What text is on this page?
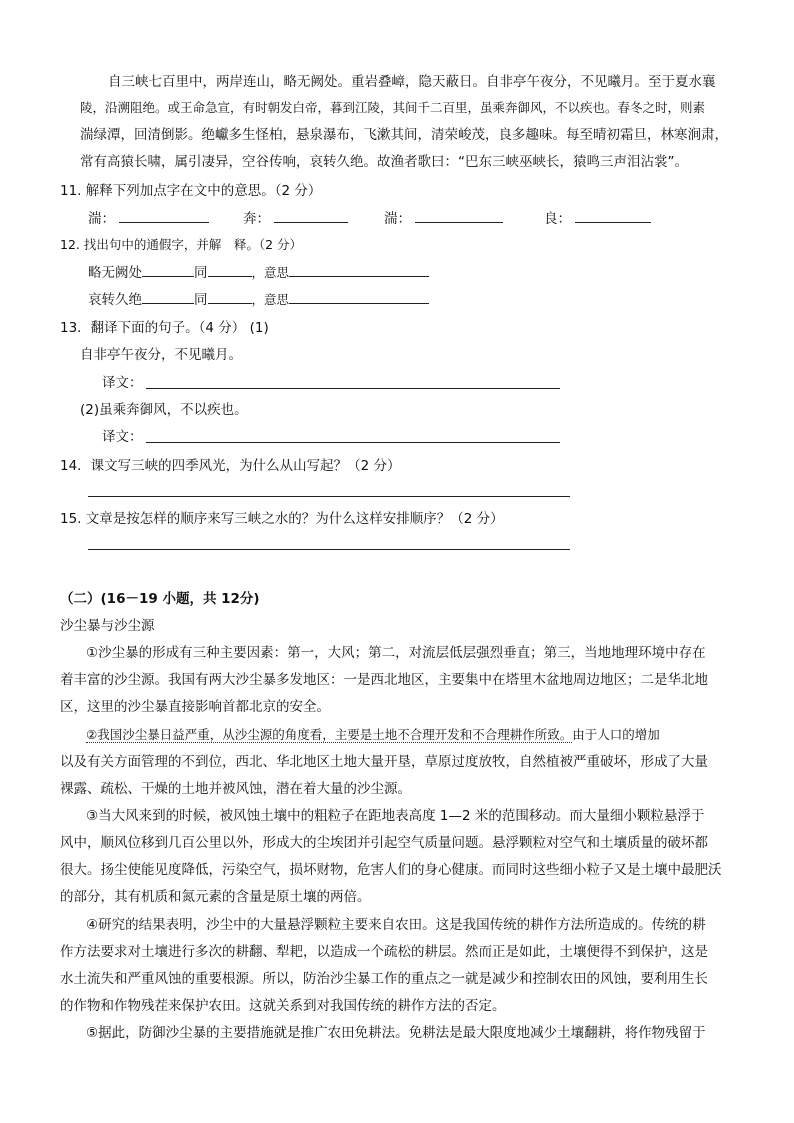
自三峡七百里中，两岸连山，略无阙处。重岩叠嶂，隐天蔽日。自非亭午夜分，不见曦月。至于夏水襄
陵，沿溯阻绝。或王命急宣，有时朝发白帝，暮到江陵，其间千二百里，虽乘奔御风，不以疾也。春冬之时，则素
湍绿潭，回清倒影。绝巘多生怪柏，悬泉瀑布，飞漱其间，清荣峻茂，良多趣味。每至晴初霜旦，林寒涧肃，
常有高猿长啸，属引凄异，空谷传响，哀转久绝。故渔者歌曰：“巴东三峡巫峡长，猿鸣三声泪沾裳”。
11. 解释下列加点字在文中的意思。（2 分）
湍：	奔：	湍：	良：
12. 找出句中的通假字，并解　释。（2 分）
略无阙处	同	，意思
哀转久绝	同	，意思
13．翻译下面的句子。（4 分） (1)
自非亭午夜分，不见曦月。
译文：
(2)虽乘奔御风，不以疾也。
译文：
14．课文写三峡的四季风光，为什么从山写起？（2 分）
15. 文章是按怎样的顺序来写三峡之水的？为什么这样安排顺序？（2 分）
（二）(16－19 小题，共 12分)
沙尘暴与沙尘源
①沙尘暴的形成有三种主要因素：第一，大风；第二，对流层低层强烈垂直；第三，当地地理环境中存在
着丰富的沙尘源。我国有两大沙尘暴多发地区：一是西北地区，主要集中在塔里木盆地周边地区；二是华北地
区，这里的沙尘暴直接影响首都北京的安全。
②我国沙尘暴日益严重，从沙尘源的角度看，主要是土地不合理开发和不合理耕作所致。由于人口的增加
以及有关方面管理的不到位，西北、华北地区土地大量开垦，草原过度放牧，自然植被严重破坏，形成了大量
裸露、疏松、干燥的土地并被风蚀，潜在着大量的沙尘源。
③当大风来到的时候，被风蚀土壤中的粗粒子在距地表高度 1—2 米的范围移动。而大量细小颗粒悬浮于
风中，顺风位移到几百公里以外，形成大的尘埃团并引起空气质量问题。悬浮颗粒对空气和土壤质量的破坏都
很大。扬尘使能见度降低，污染空气，损坏财物，危害人们的身心健康。而同时这些细小粒子又是土壤中最肥沃
的部分，其有机质和氮元素的含量是原土壤的两倍。
④研究的结果表明，沙尘中的大量悬浮颗粒主要来自农田。这是我国传统的耕作方法所造成的。传统的耕
作方法要求对土壤进行多次的耕翻、犁耙，以造成一个疏松的耕层。然而正是如此，土壤便得不到保护，这是
水土流失和严重风蚀的重要根源。所以，防治沙尘暴工作的重点之一就是减少和控制农田的风蚀，要利用生长
的作物和作物残茬来保护农田。这就关系到对我国传统的耕作方法的否定。
⑤据此，防御沙尘暴的主要措施就是推广农田免耕法。免耕法是最大限度地减少土壤翻耕，将作物残留于
